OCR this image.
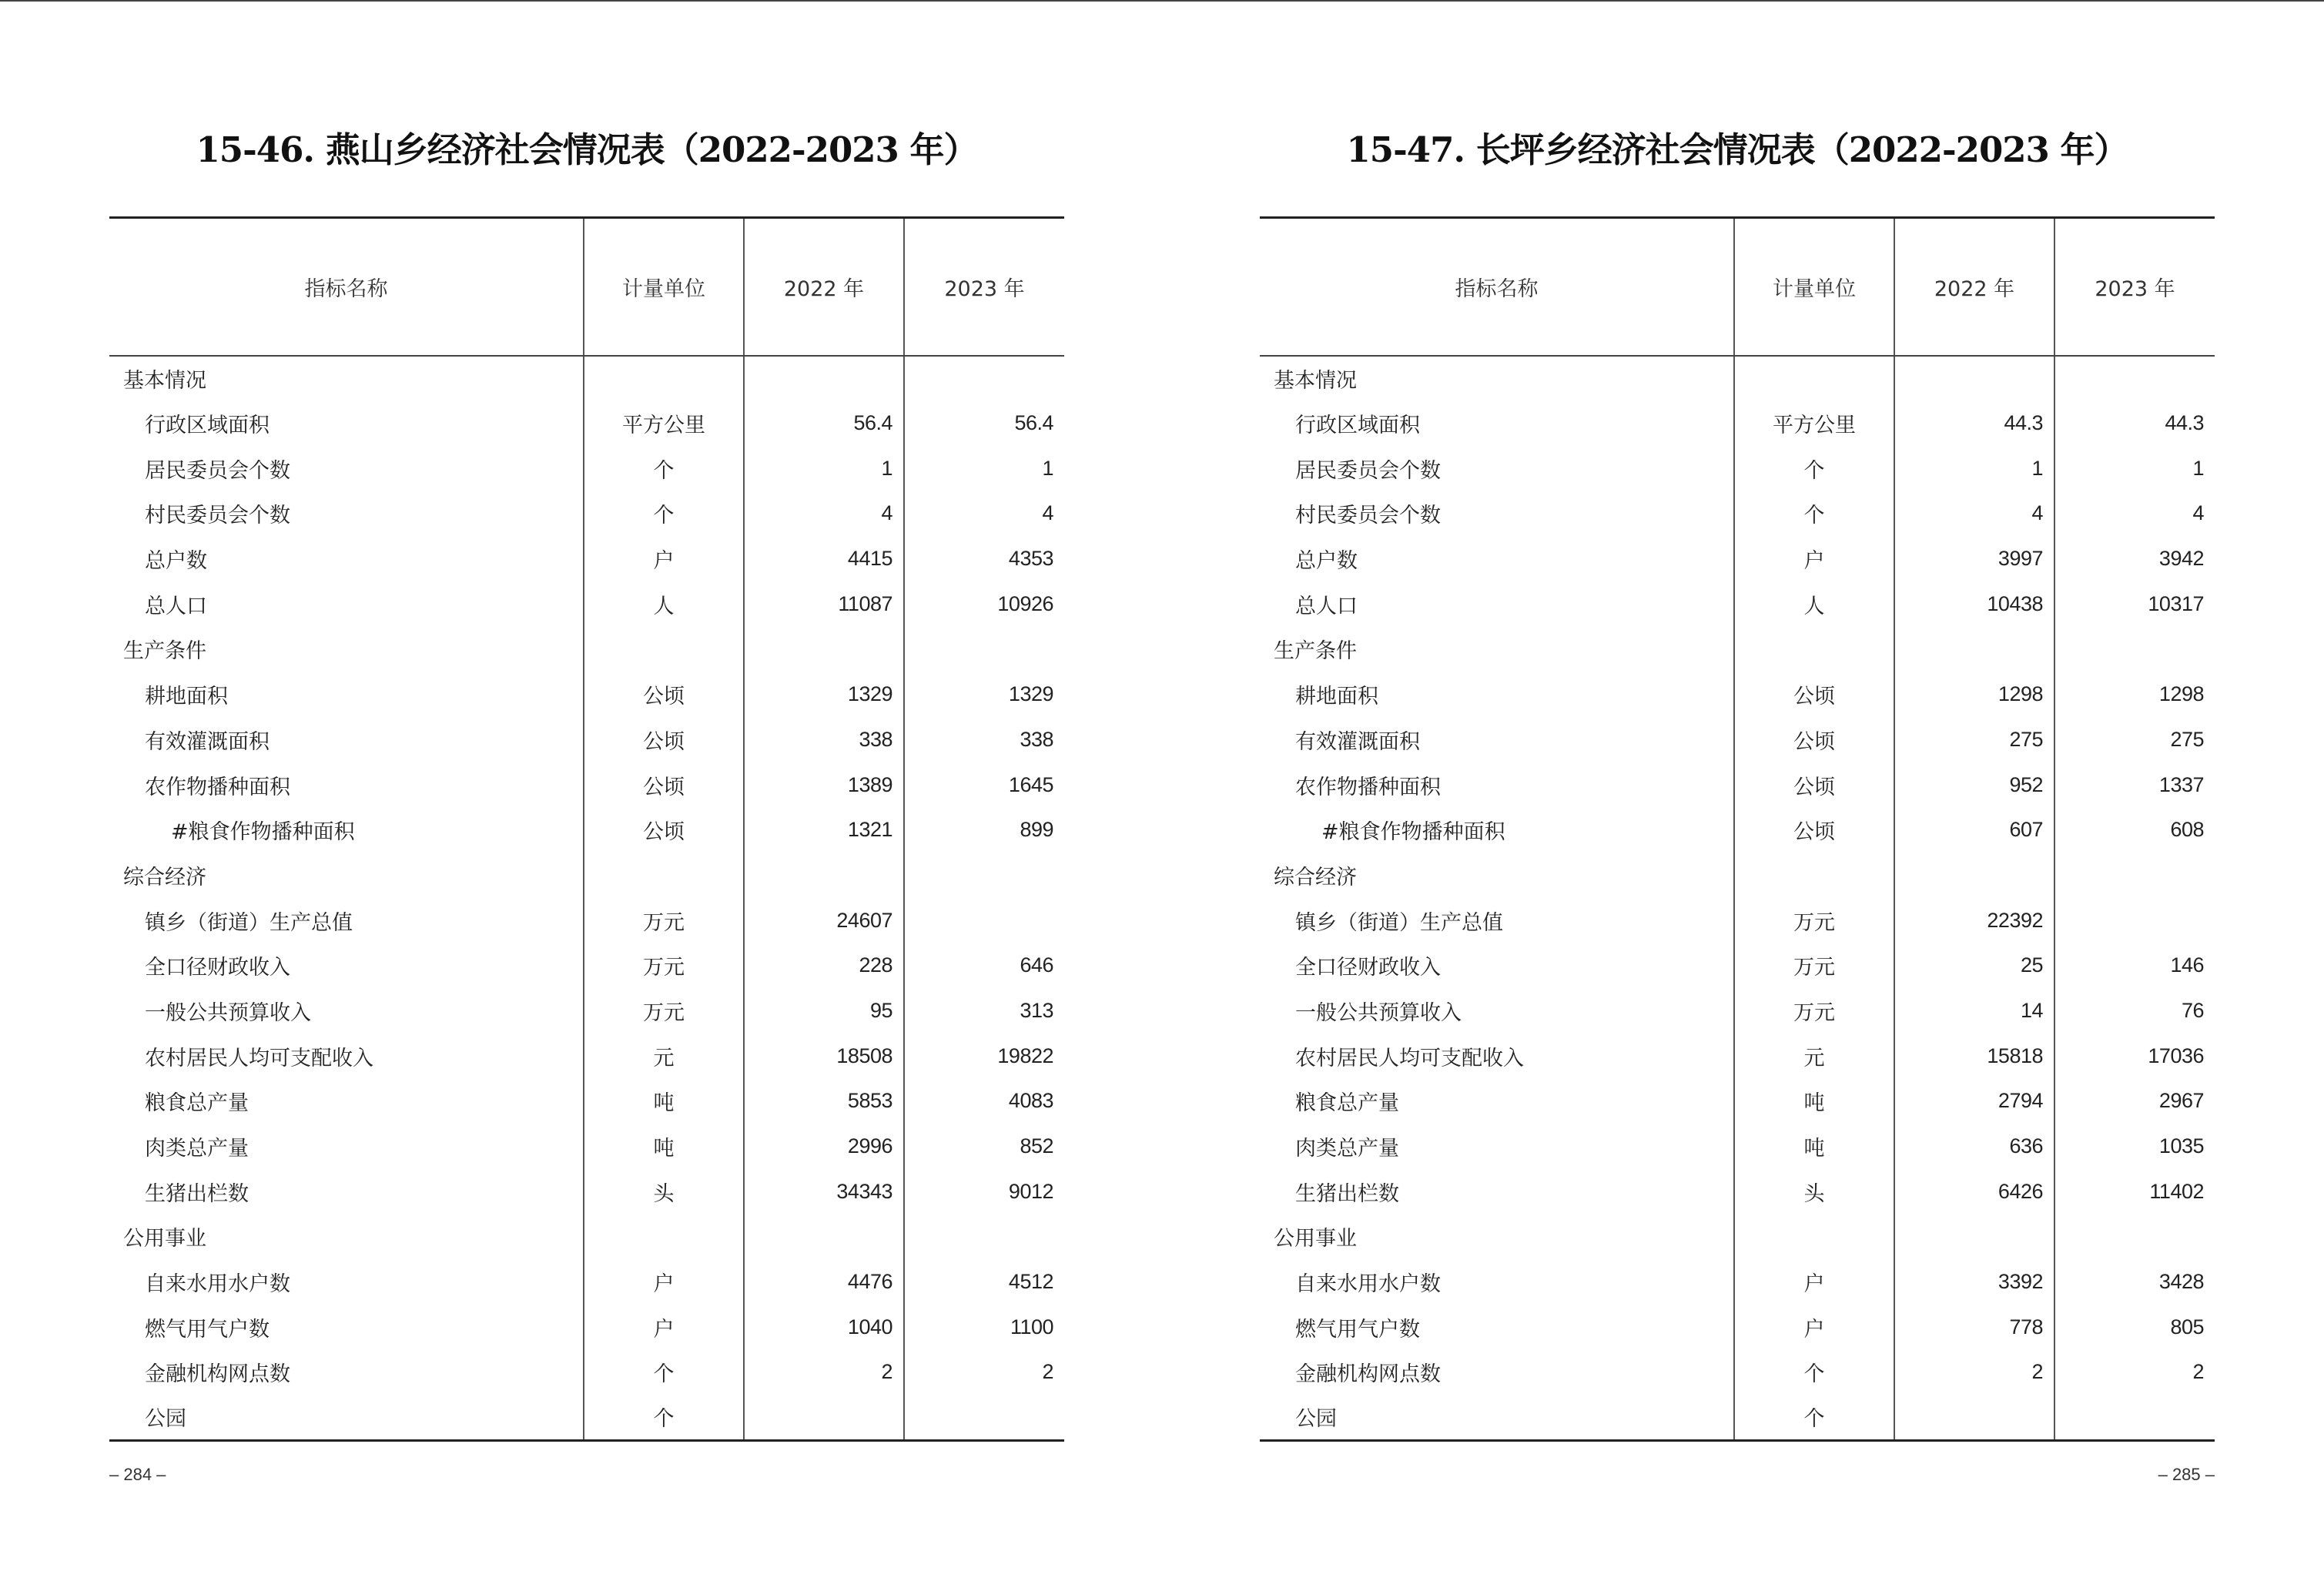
15-46. 燕山乡经济社会情况表（2022-2023 年）
指标名称	计量单位	2022 年	2023 年
基本情况			
行政区域面积	平方公里	56.4	56.4
居民委员会个数	个	1	1
村民委员会个数	个	4	4
总户数	户	4415	4353
总人口	人	11087	10926
生产条件			
耕地面积	公顷	1329	1329
有效灌溉面积	公顷	338	338
农作物播种面积	公顷	1389	1645
#粮食作物播种面积	公顷	1321	899
综合经济			
镇乡（街道）生产总值	万元	24607	
全口径财政收入	万元	228	646
一般公共预算收入	万元	95	313
农村居民人均可支配收入	元	18508	19822
粮食总产量	吨	5853	4083
肉类总产量	吨	2996	852
生猪出栏数	头	34343	9012
公用事业			
自来水用水户数	户	4476	4512
燃气用气户数	户	1040	1100
金融机构网点数	个	2	2
公园	个		
– 284 –
15-47. 长坪乡经济社会情况表（2022-2023 年）
指标名称	计量单位	2022 年	2023 年
基本情况			
行政区域面积	平方公里	44.3	44.3
居民委员会个数	个	1	1
村民委员会个数	个	4	4
总户数	户	3997	3942
总人口	人	10438	10317
生产条件			
耕地面积	公顷	1298	1298
有效灌溉面积	公顷	275	275
农作物播种面积	公顷	952	1337
#粮食作物播种面积	公顷	607	608
综合经济			
镇乡（街道）生产总值	万元	22392	
全口径财政收入	万元	25	146
一般公共预算收入	万元	14	76
农村居民人均可支配收入	元	15818	17036
粮食总产量	吨	2794	2967
肉类总产量	吨	636	1035
生猪出栏数	头	6426	11402
公用事业			
自来水用水户数	户	3392	3428
燃气用气户数	户	778	805
金融机构网点数	个	2	2
公园	个		
– 285 –
